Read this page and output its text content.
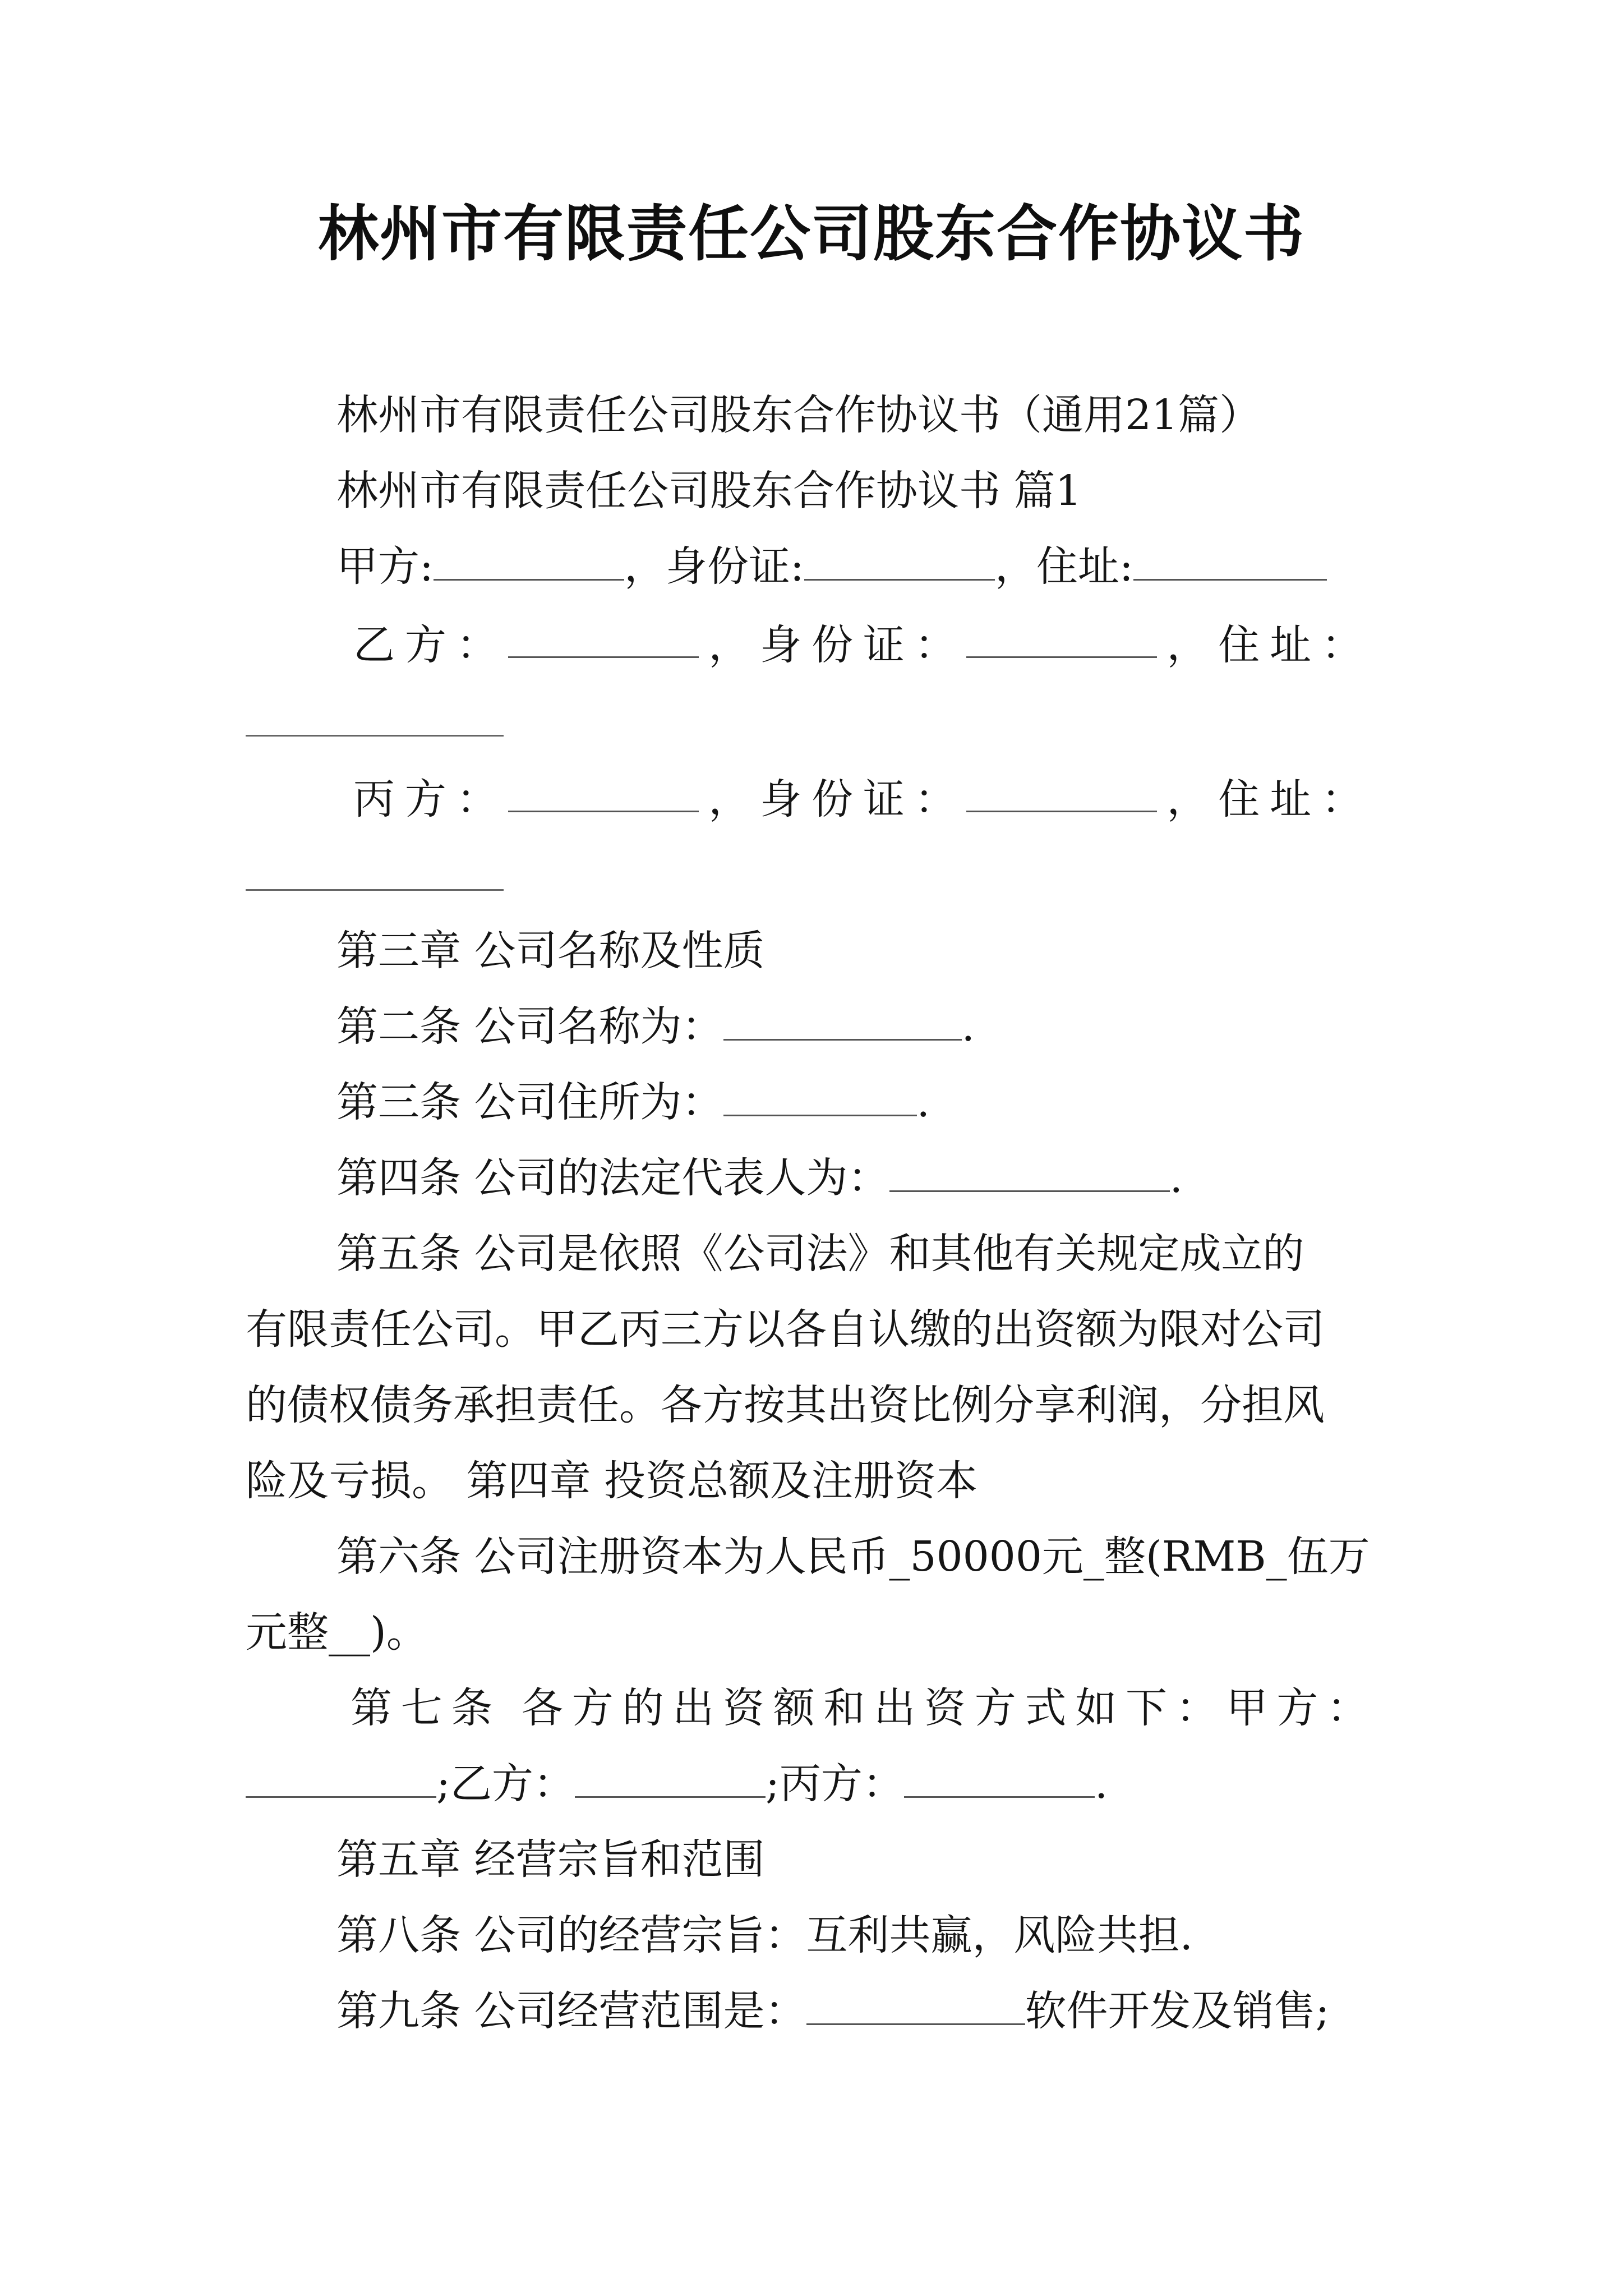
林州市有限责任公司股东合作协议书
林州市有限责任公司股东合作协议书（通用21篇）
林州市有限责任公司股东合作协议书 篇1
甲方:	，身份证:	，住址:
乙 方 ：	， 身 份 证 ：	， 住 址 ：
丙 方 ：	， 身 份 证 ：	， 住 址 ：
第三章 公司名称及性质
第二条 公司名称为：	.
第三条 公司住所为：	.
第四条 公司的法定代表人为：	.
第五条 公司是依照《公司法》和其他有关规定成立的
有限责任公司。甲乙丙三方以各自认缴的出资额为限对公司
的债权债务承担责任。各方按其出资比例分享利润，分担风
险及亏损。 第四章 投资总额及注册资本
第六条 公司注册资本为人民币_50000元_整(RMB_伍万
元整__)。
第 七 条 各 方 的 出 资 额 和 出 资 方 式 如 下 ： 甲 方 ：
;乙方：	;丙方：	.
第五章 经营宗旨和范围
第八条 公司的经营宗旨：互利共赢，风险共担.
第九条 公司经营范围是：	软件开发及销售;
